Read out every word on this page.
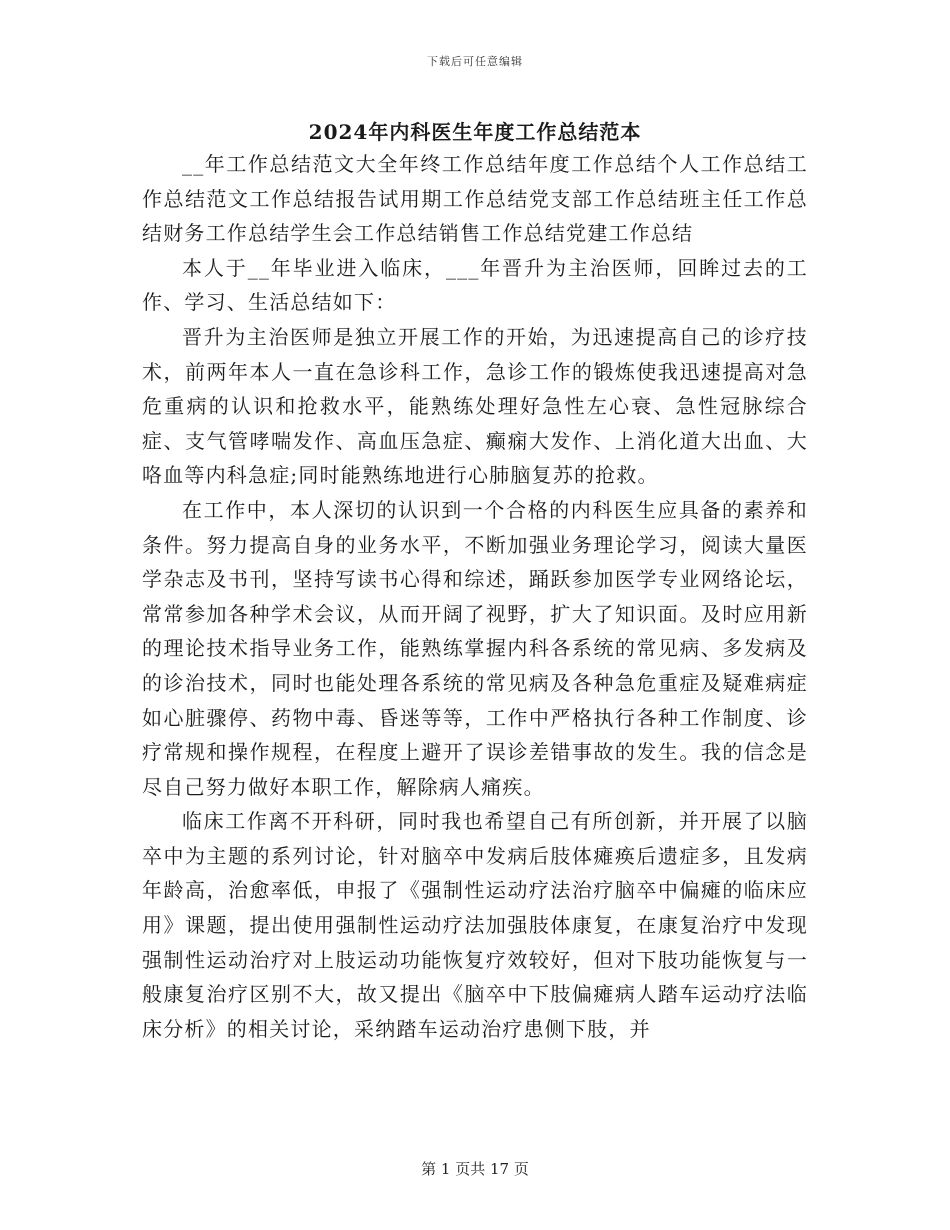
下载后可任意编辑
2024年内科医生年度工作总结范本

__年工作总结范文大全年终工作总结年度工作总结个人工作总结工作总结范文工作总结报告试用期工作总结党支部工作总结班主任工作总结财务工作总结学生会工作总结销售工作总结党建工作总结

本人于__年毕业进入临床，___年晋升为主治医师，回眸过去的工作、学习、生活总结如下：

晋升为主治医师是独立开展工作的开始，为迅速提高自己的诊疗技术，前两年本人一直在急诊科工作，急诊工作的锻炼使我迅速提高对急危重病的认识和抢救水平，能熟练处理好急性左心衰、急性冠脉综合症、支气管哮喘发作、高血压急症、癫痫大发作、上消化道大出血、大咯血等内科急症;同时能熟练地进行心肺脑复苏的抢救。

在工作中，本人深切的认识到一个合格的内科医生应具备的素养和条件。努力提高自身的业务水平，不断加强业务理论学习，阅读大量医学杂志及书刊，坚持写读书心得和综述，踊跃参加医学专业网络论坛，常常参加各种学术会议，从而开阔了视野，扩大了知识面。及时应用新的理论技术指导业务工作，能熟练掌握内科各系统的常见病、多发病及的诊治技术，同时也能处理各系统的常见病及各种急危重症及疑难病症如心脏骤停、药物中毒、昏迷等等，工作中严格执行各种工作制度、诊疗常规和操作规程，在程度上避开了误诊差错事故的发生。我的信念是尽自己努力做好本职工作，解除病人痛疾。

临床工作离不开科研，同时我也希望自己有所创新，并开展了以脑卒中为主题的系列讨论，针对脑卒中发病后肢体瘫痪后遗症多，且发病年龄高，治愈率低，申报了《强制性运动疗法治疗脑卒中偏瘫的临床应用》课题，提出使用强制性运动疗法加强肢体康复，在康复治疗中发现强制性运动治疗对上肢运动功能恢复疗效较好，但对下肢功能恢复与一般康复治疗区别不大，故又提出《脑卒中下肢偏瘫病人踏车运动疗法临床分析》的相关讨论，采纳踏车运动治疗患侧下肢，并

第 1 页共 17 页
